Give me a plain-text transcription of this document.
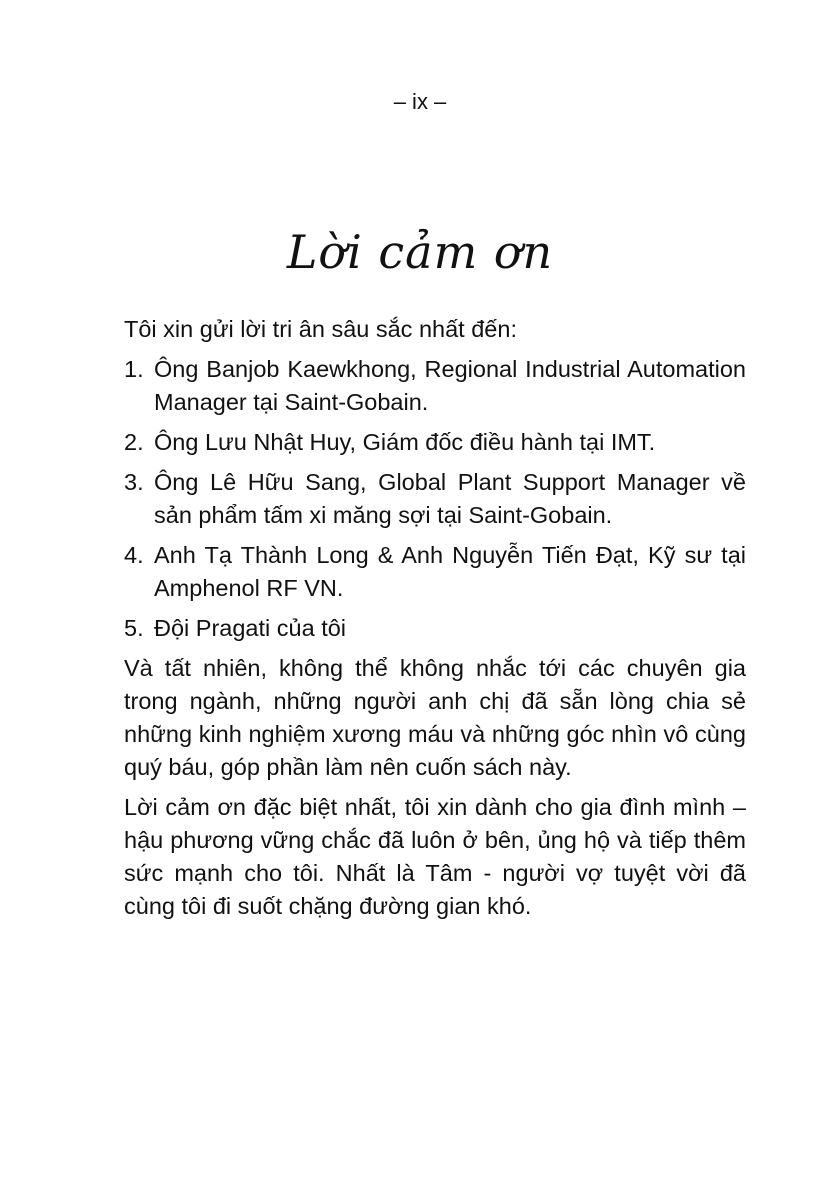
– ix –
Lời cảm ơn

Tôi xin gửi lời tri ân sâu sắc nhất đến:

1. Ông Banjob Kaewkhong, Regional Industrial Automation Manager tại Saint-Gobain.
2. Ông Lưu Nhật Huy, Giám đốc điều hành tại IMT.
3. Ông Lê Hữu Sang, Global Plant Support Manager về sản phẩm tấm xi măng sợi tại Saint-Gobain.
4. Anh Tạ Thành Long & Anh Nguyễn Tiến Đạt, Kỹ sư tại Amphenol RF VN.
5. Đội Pragati của tôi

Và tất nhiên, không thể không nhắc tới các chuyên gia trong ngành, những người anh chị đã sẵn lòng chia sẻ những kinh nghiệm xương máu và những góc nhìn vô cùng quý báu, góp phần làm nên cuốn sách này.

Lời cảm ơn đặc biệt nhất, tôi xin dành cho gia đình mình – hậu phương vững chắc đã luôn ở bên, ủng hộ và tiếp thêm sức mạnh cho tôi. Nhất là Tâm - người vợ tuyệt vời đã cùng tôi đi suốt chặng đường gian khó.
